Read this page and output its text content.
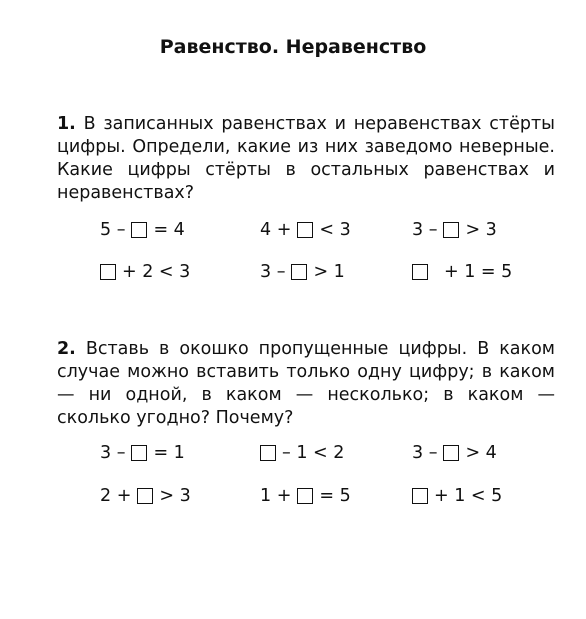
Равенство. Неравенство
1. В записанных равенствах и неравенствах стёрты цифры. Определи, какие из них заведомо неверные. Какие цифры стёрты в остальных равенствах и неравенствах?
5 – = 4	4 + < 3	3 – > 3
+ 2 < 3	3 – > 1	+ 1 = 5
2. Вставь в окошко пропущенные цифры. В каком случае можно вставить только одну цифру; в каком — ни одной, в каком — несколько; в каком — сколько угодно? Почему?
3 – = 1	– 1 < 2	3 – > 4
2 + > 3	1 + = 5	+ 1 < 5
